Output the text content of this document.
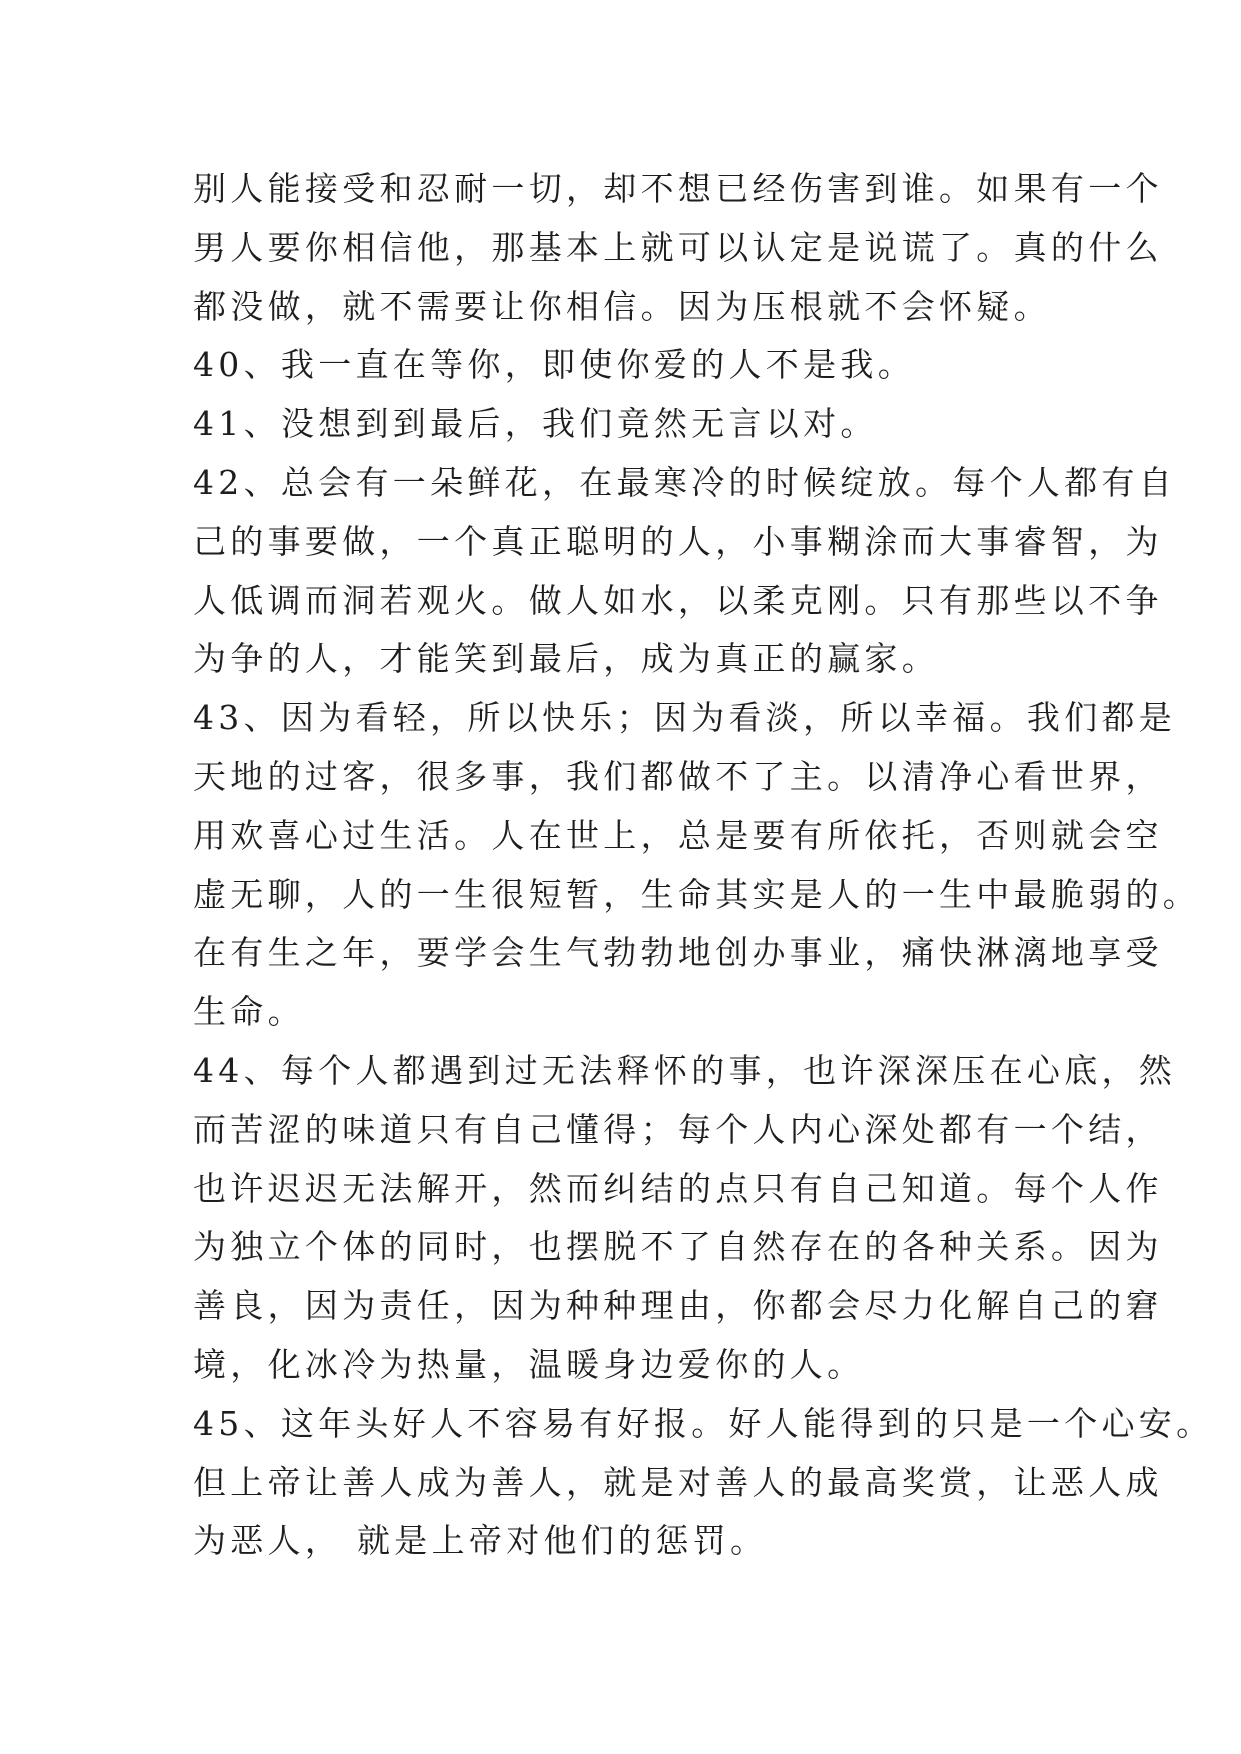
别人能接受和忍耐一切，却不想已经伤害到谁。如果有一个
男人要你相信他，那基本上就可以认定是说谎了。真的什么
都没做，就不需要让你相信。因为压根就不会怀疑。
40、我一直在等你，即使你爱的人不是我。
41、没想到到最后，我们竟然无言以对。
42、总会有一朵鲜花，在最寒冷的时候绽放。每个人都有自
己的事要做，一个真正聪明的人，小事糊涂而大事睿智，为
人低调而洞若观火。做人如水，以柔克刚。只有那些以不争
为争的人，才能笑到最后，成为真正的赢家。
43、因为看轻，所以快乐；因为看淡，所以幸福。我们都是
天地的过客，很多事，我们都做不了主。以清净心看世界，
用欢喜心过生活。人在世上，总是要有所依托，否则就会空
虚无聊，人的一生很短暂，生命其实是人的一生中最脆弱的。
在有生之年，要学会生气勃勃地创办事业，痛快淋漓地享受
生命。
44、每个人都遇到过无法释怀的事，也许深深压在心底，然
而苦涩的味道只有自己懂得；每个人内心深处都有一个结，
也许迟迟无法解开，然而纠结的点只有自己知道。每个人作
为独立个体的同时，也摆脱不了自然存在的各种关系。因为
善良，因为责任，因为种种理由，你都会尽力化解自己的窘
境，化冰冷为热量，温暖身边爱你的人。
45、这年头好人不容易有好报。好人能得到的只是一个心安。
但上帝让善人成为善人，就是对善人的最高奖赏，让恶人成
为恶人， 就是上帝对他们的惩罚。
